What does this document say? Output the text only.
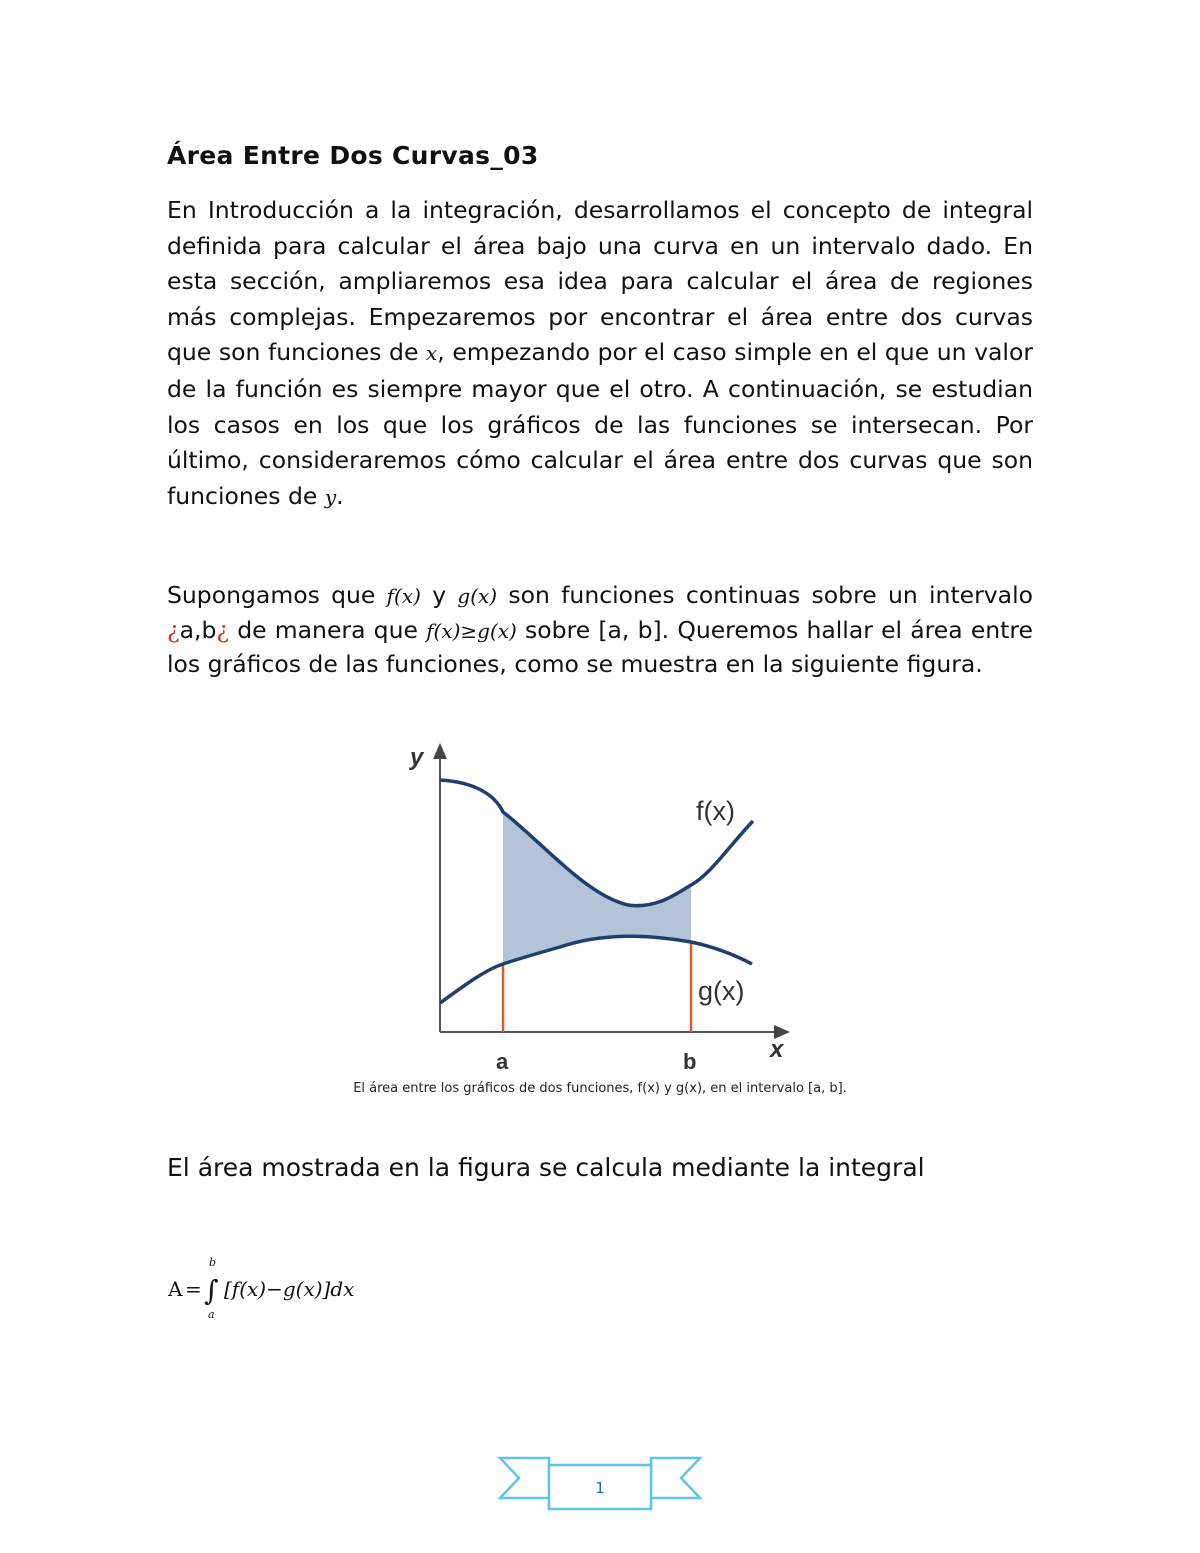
Área Entre Dos Curvas_03

En Introducción a la integración, desarrollamos el concepto de integral definida para calcular el área bajo una curva en un intervalo dado. En esta sección, ampliaremos esa idea para calcular el área de regiones más complejas. Empezaremos por encontrar el área entre dos curvas que son funciones de x, empezando por el caso simple en el que un valor de la función es siempre mayor que el otro. A continuación, se estudian los casos en los que los gráficos de las funciones se intersecan. Por último, consideraremos cómo calcular el área entre dos curvas que son funciones de y.

Supongamos que f(x) y g(x) son funciones continuas sobre un intervalo ¿a,b¿ de manera que f(x)≥g(x) sobre [a, b]. Queremos hallar el área entre los gráficos de las funciones, como se muestra en la siguiente figura.

y
x
f(x)
g(x)
a	b
El área entre los gráficos de dos funciones, f(x) y g(x), en el intervalo [a, b].

El área mostrada en la figura se calcula mediante la integral

A = ∫
b
a
[f(x)−g(x)]dx
1
